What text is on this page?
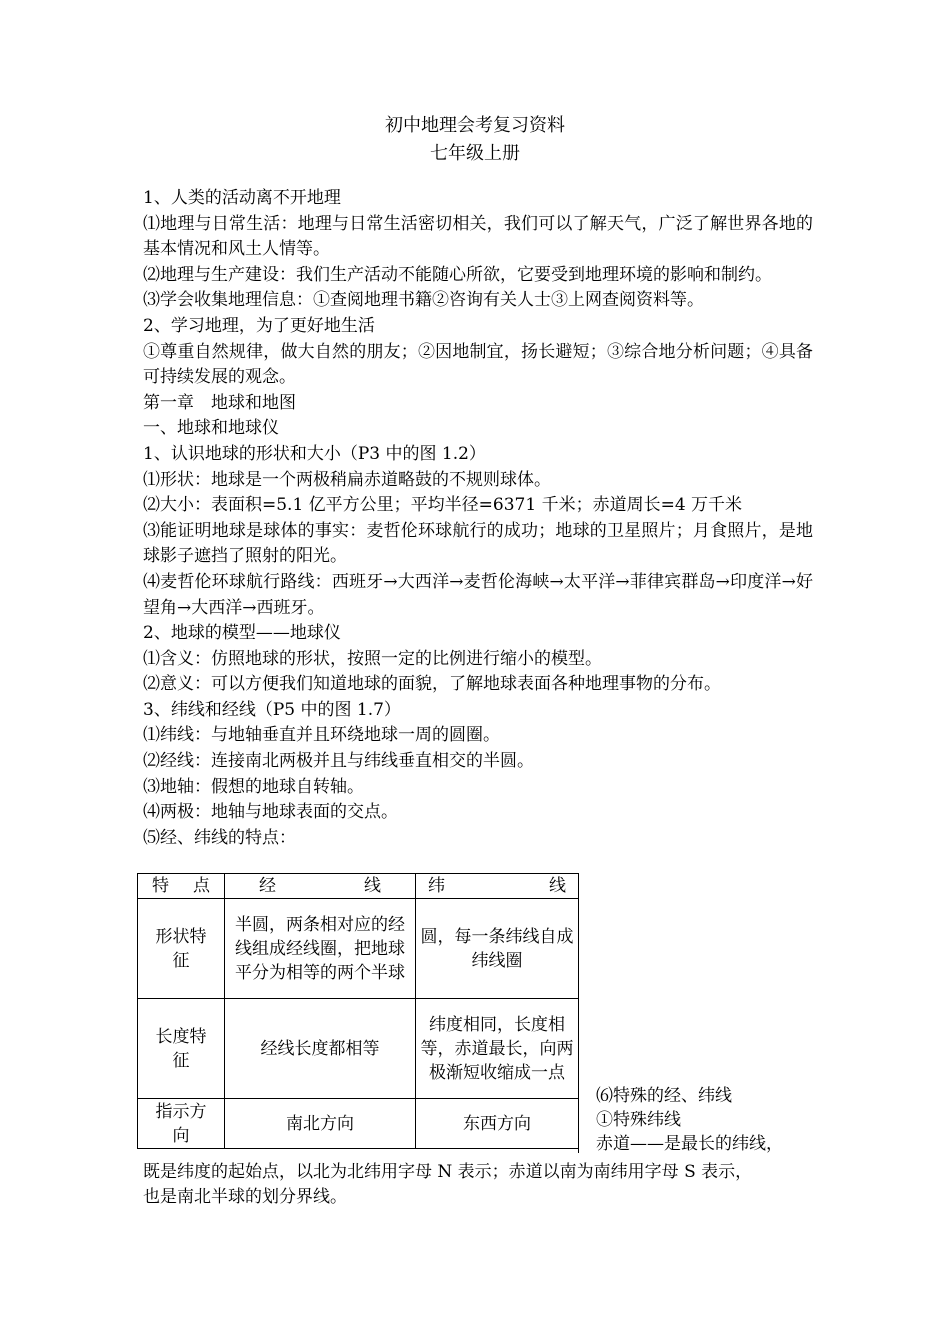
初中地理会考复习资料
七年级上册

1、人类的活动离不开地理

⑴地理与日常生活：地理与日常生活密切相关，我们可以了解天气，广泛了解世界各地的基本情况和风土人情等。

⑵地理与生产建设：我们生产活动不能随心所欲，它要受到地理环境的影响和制约。

⑶学会收集地理信息：①查阅地理书籍②咨询有关人士③上网查阅资料等。

2、学习地理，为了更好地生活

①尊重自然规律，做大自然的朋友；②因地制宜，扬长避短；③综合地分析问题；④具备可持续发展的观念。

第一章　地球和地图

一、地球和地球仪

1、认识地球的形状和大小（P3 中的图 1.2）

⑴形状：地球是一个两极稍扁赤道略鼓的不规则球体。

⑵大小：表面积=5.1 亿平方公里；平均半径=6371 千米；赤道周长=4 万千米

⑶能证明地球是球体的事实：麦哲伦环球航行的成功；地球的卫星照片；月食照片，是地球影子遮挡了照射的阳光。

⑷麦哲伦环球航行路线：西班牙→大西洋→麦哲伦海峡→太平洋→菲律宾群岛→印度洋→好望角→大西洋→西班牙。

2、地球的模型——地球仪

⑴含义：仿照地球的形状，按照一定的比例进行缩小的模型。

⑵意义：可以方便我们知道地球的面貌，了解地球表面各种地理事物的分布。

3、纬线和经线（P5 中的图 1.7）

⑴纬线：与地轴垂直并且环绕地球一周的圆圈。

⑵经线：连接南北两极并且与纬线垂直相交的半圆。

⑶地轴：假想的地球自转轴。

⑷两极：地轴与地球表面的交点。

⑸经、纬线的特点：

特 点	经 线	纬 线

形状特征	半圆，两条相对应的经线组成经线圈，把地球平分为相等的两个半球	圆，每一条纬线自成纬线圈
长度特征	经线长度都相等	纬度相同，长度相等，赤道最长，向两极渐短收缩成一点
指示方向	南北方向	东西方向

⑹特殊的经、纬线

①特殊纬线

赤道——是最长的纬线，

既是纬度的起始点，以北为北纬用字母 N 表示；赤道以南为南纬用字母 S 表示，

也是南北半球的划分界线。
